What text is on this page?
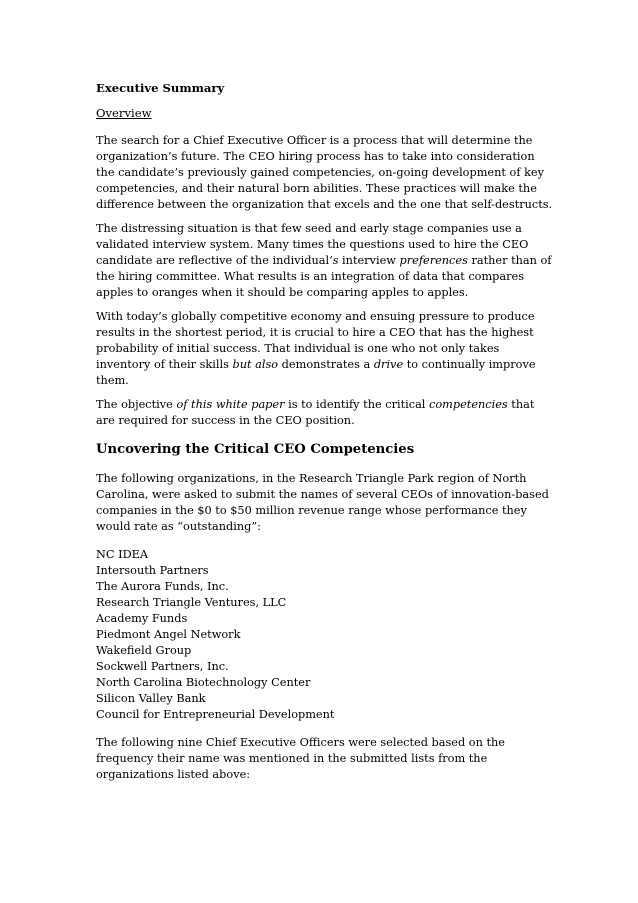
Executive Summary
Overview

The search for a Chief Executive Officer is a process that will determine the organization’s future. The CEO hiring process has to take into consideration the candidate’s previously gained competencies, on-going development of key competencies, and their natural born abilities. These practices will make the difference between the organization that excels and the one that self-destructs.

The distressing situation is that few seed and early stage companies use a validated interview system. Many times the questions used to hire the CEO candidate are reflective of the individual’s interview preferences rather than of the hiring committee. What results is an integration of data that compares apples to oranges when it should be comparing apples to apples.

With today’s globally competitive economy and ensuing pressure to produce results in the shortest period, it is crucial to hire a CEO that has the highest probability of initial success. That individual is one who not only takes inventory of their skills but also demonstrates a drive to continually improve them.

The objective of this white paper is to identify the critical competencies that are required for success in the CEO position.

Uncovering the Critical CEO Competencies

The following organizations, in the Research Triangle Park region of North Carolina, were asked to submit the names of several CEOs of innovation-based companies in the $0 to $50 million revenue range whose performance they would rate as “outstanding”:

NC IDEA
Intersouth Partners
The Aurora Funds, Inc.
Research Triangle Ventures, LLC
Academy Funds
Piedmont Angel Network
Wakefield Group
Sockwell Partners, Inc.
North Carolina Biotechnology Center
Silicon Valley Bank
Council for Entrepreneurial Development

The following nine Chief Executive Officers were selected based on the frequency their name was mentioned in the submitted lists from the organizations listed above:
